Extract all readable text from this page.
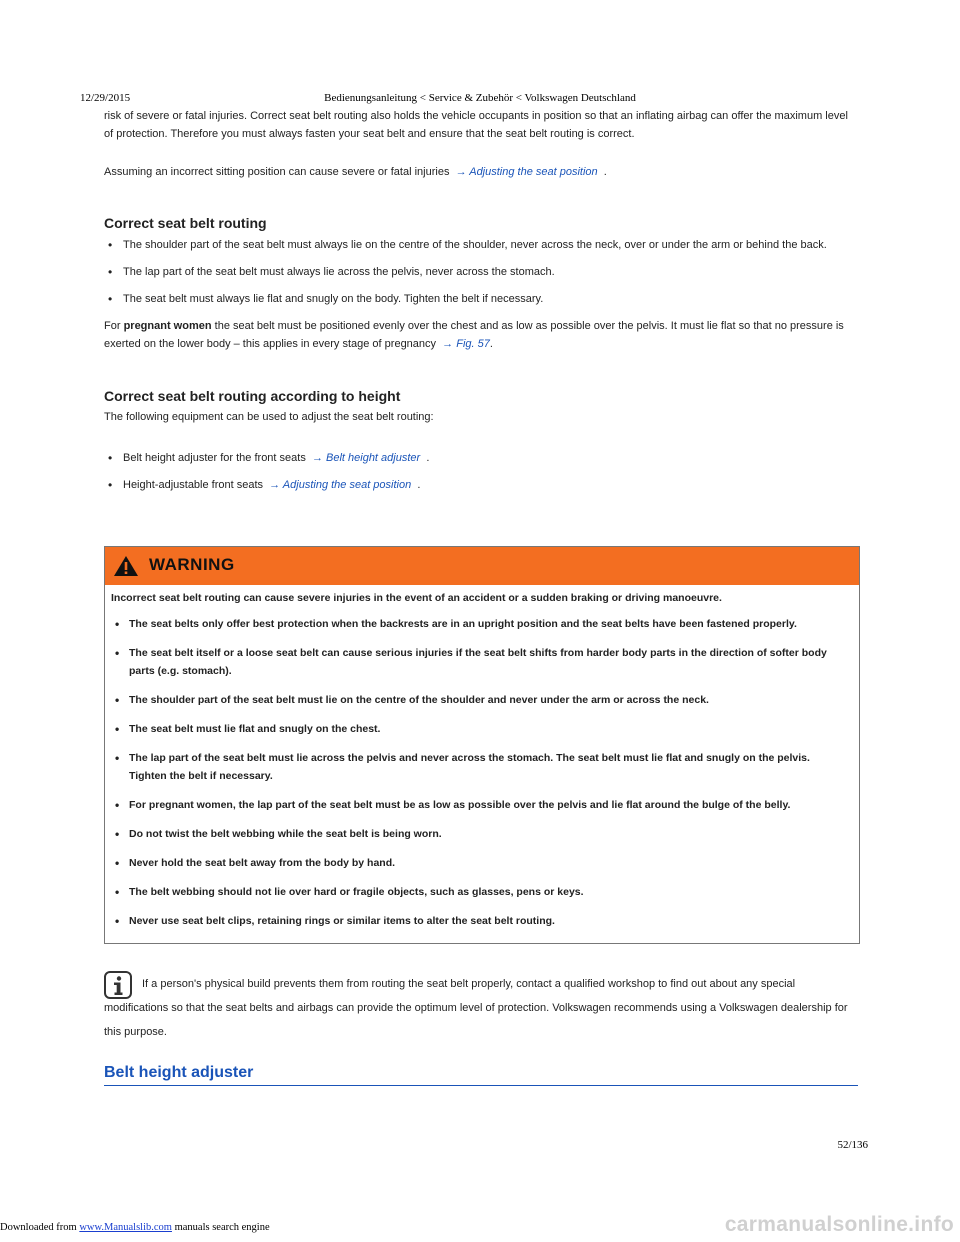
12/29/2015	Bedienungsanleitung < Service & Zubehör < Volkswagen Deutschland

risk of severe or fatal injuries. Correct seat belt routing also holds the vehicle occupants in position so that an inflating airbag can offer the maximum level of protection. Therefore you must always fasten your seat belt and ensure that the seat belt routing is correct.

Assuming an incorrect sitting position can cause severe or fatal injuries → Adjusting the seat position .

Correct seat belt routing
• The shoulder part of the seat belt must always lie on the centre of the shoulder, never across the neck, over or under the arm or behind the back.
• The lap part of the seat belt must always lie across the pelvis, never across the stomach.
• The seat belt must always lie flat and snugly on the body. Tighten the belt if necessary.

For pregnant women the seat belt must be positioned evenly over the chest and as low as possible over the pelvis. It must lie flat so that no pressure is exerted on the lower body – this applies in every stage of pregnancy → Fig. 57.

Correct seat belt routing according to height

The following equipment can be used to adjust the seat belt routing:

• Belt height adjuster for the front seats → Belt height adjuster .
• Height-adjustable front seats → Adjusting the seat position .
WARNING

Incorrect seat belt routing can cause severe injuries in the event of an accident or a sudden braking or driving manoeuvre.

• The seat belts only offer best protection when the backrests are in an upright position and the seat belts have been fastened properly.
• The seat belt itself or a loose seat belt can cause serious injuries if the seat belt shifts from harder body parts in the direction of softer body parts (e.g. stomach).
• The shoulder part of the seat belt must lie on the centre of the shoulder and never under the arm or across the neck.
• The seat belt must lie flat and snugly on the chest.
• The lap part of the seat belt must lie across the pelvis and never across the stomach. The seat belt must lie flat and snugly on the pelvis. Tighten the belt if necessary.
• For pregnant women, the lap part of the seat belt must be as low as possible over the pelvis and lie flat around the bulge of the belly.
• Do not twist the belt webbing while the seat belt is being worn.
• Never hold the seat belt away from the body by hand.
• The belt webbing should not lie over hard or fragile objects, such as glasses, pens or keys.
• Never use seat belt clips, retaining rings or similar items to alter the seat belt routing.

If a person's physical build prevents them from routing the seat belt properly, contact a qualified workshop to find out about any special modifications so that the seat belts and airbags can provide the optimum level of protection. Volkswagen recommends using a Volkswagen dealership for this purpose.

Belt height adjuster
52/136
Downloaded from www.Manualslib.com manuals search engine	carmanualsonline.info
